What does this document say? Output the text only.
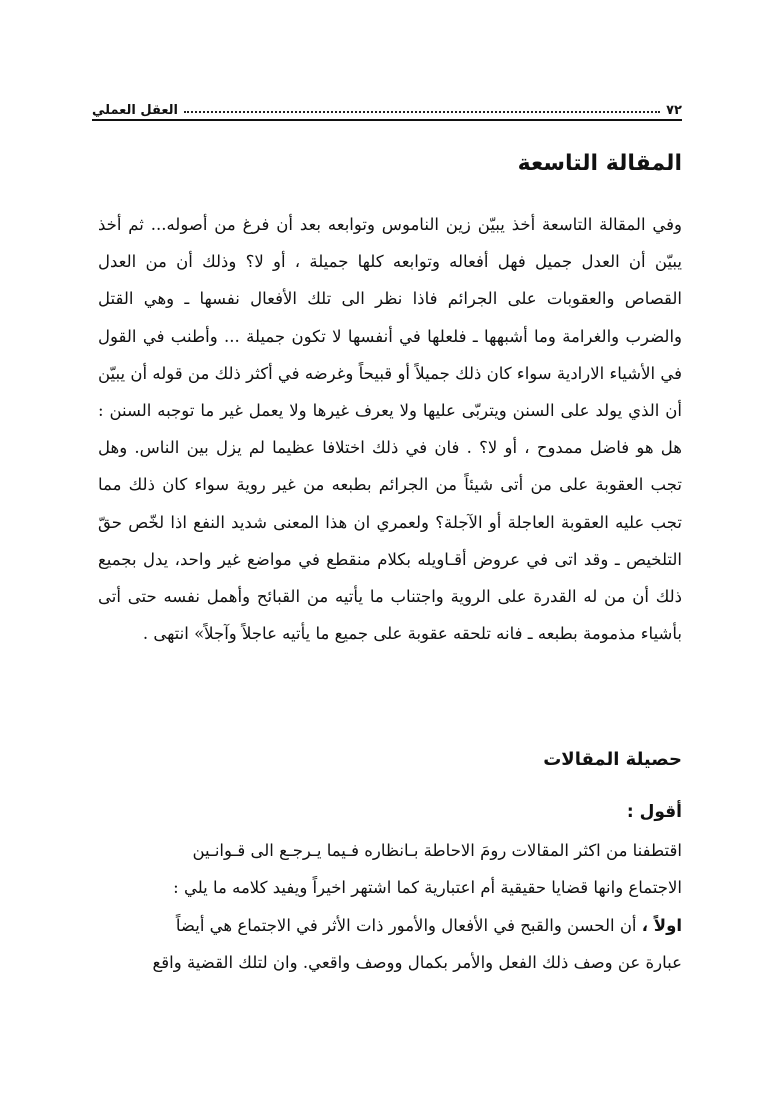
٧٢
العقل العملي
المقالة التاسعة

وفي المقالة التاسعة أخذ يبيّن زين الناموس وتوابعه بعد أن فرغ من أصوله... ثم أخذ يبيّن أن العدل جميل فهل أفعاله وتوابعه كلها جميلة ، أو لا؟ وذلك أن من العدل القصاص والعقوبات على الجرائم فاذا نظر الى تلك الأفعال نفسها ـ وهي القتل والضرب والغرامة وما أشبهها ـ فلعلها في أنفسها لا تكون جميلة ... وأطنب في القول في الأشياء الارادية سواء كان ذلك جميلاً أو قبيحاً وغرضه في أكثر ذلك من قوله أن يبيّن أن الذي يولد على السنن ويتربّى عليها ولا يعرف غيرها ولا يعمل غير ما توجبه السنن : هل هو فاضل ممدوح ، أو لا؟ . فان في ذلك اختلافا عظيما لم يزل بين الناس. وهل تجب العقوبة على من أتى شيئاً من الجرائم بطبعه من غير روية سواء كان ذلك مما تجب عليه العقوبة العاجلة أو الآجلة؟ ولعمري ان هذا المعنى شديد النفع اذا لخّص حقّ التلخيص ـ وقد اتى في عروض أقـاويله بكلام منقطع في مواضع غير واحد، يدل بجميع ذلك أن من له القدرة على الروية واجتناب ما يأتيه من القبائح وأهمل نفسه حتى أتى بأشياء مذمومة بطبعه ـ فانه تلحقه عقوبة على جميع ما يأتيه عاجلاً وآجلاً» انتهى .

حصيلة المقالات
أقول :
اقتطفنا من اكثر المقالات رومَ الاحاطة بـانظاره فـيما يـرجـع الى قـوانـين
الاجتماع وانها قضايا حقيقية أم اعتبارية كما اشتهر اخيراً ويفيد كلامه ما يلي :
اولاً ، أن الحسن والقبح في الأفعال والأمور ذات الأثر في الاجتماع هي أيضاً
عبارة عن وصف ذلك الفعل والأمر بكمال ووصف واقعي. وان لتلك القضية واقع
